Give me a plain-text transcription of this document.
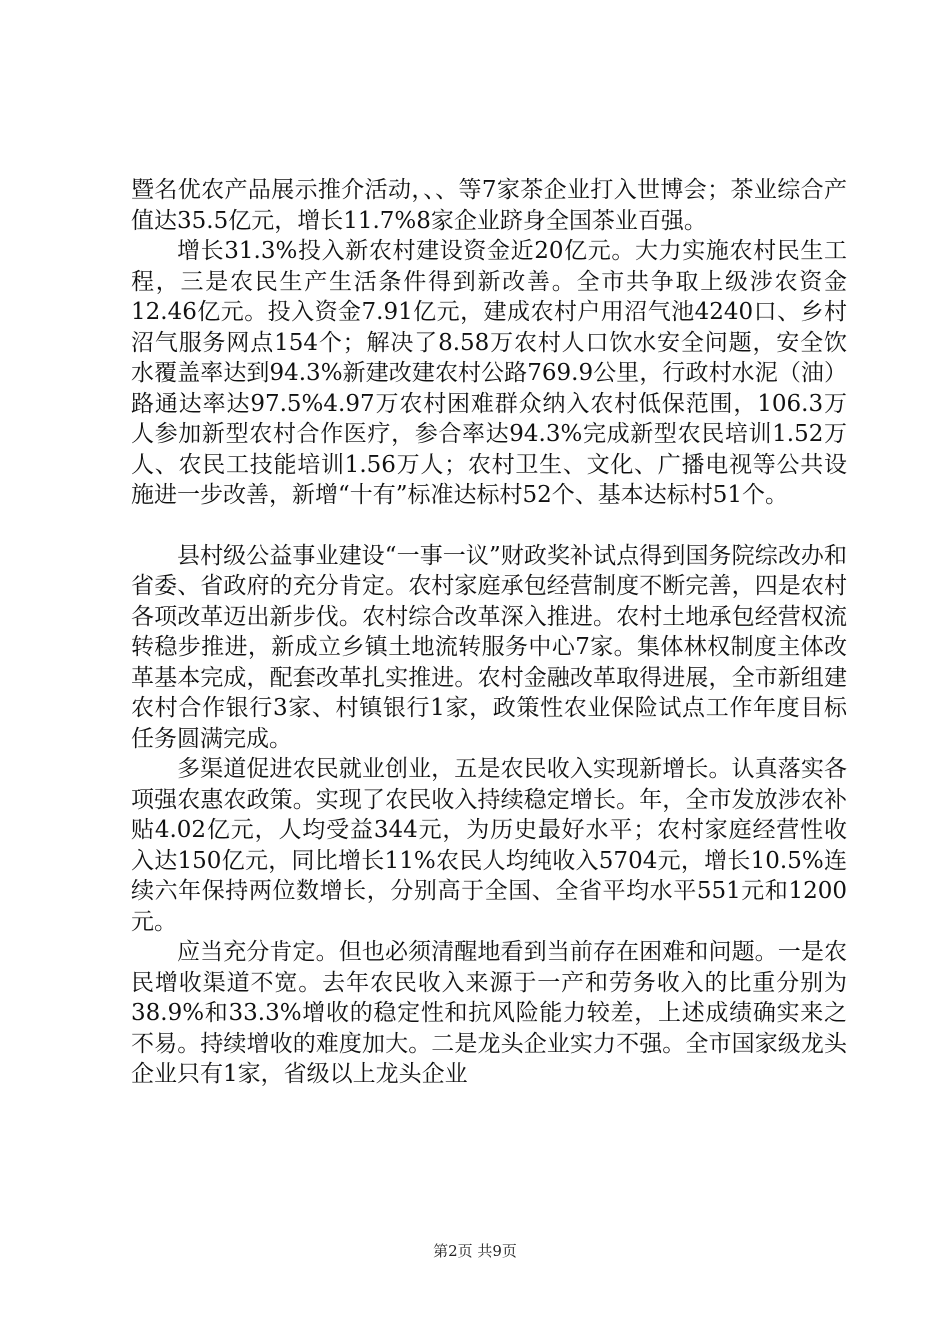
暨名优农产品展示推介活动，、、等7家茶企业打入世博会；茶业综合产值达35.5亿元，增长11.7%8家企业跻身全国茶业百强。

增长31.3%投入新农村建设资金近20亿元。大力实施农村民生工程，三是农民生产生活条件得到新改善。全市共争取上级涉农资金12.46亿元。投入资金7.91亿元，建成农村户用沼气池4240口、乡村沼气服务网点154个；解决了8.58万农村人口饮水安全问题，安全饮水覆盖率达到94.3%新建改建农村公路769.9公里，行政村水泥（油）路通达率达97.5%4.97万农村困难群众纳入农村低保范围，106.3万人参加新型农村合作医疗，参合率达94.3%完成新型农民培训1.52万人、农民工技能培训1.56万人；农村卫生、文化、广播电视等公共设施进一步改善，新增“十有”标准达标村52个、基本达标村51个。

县村级公益事业建设“一事一议”财政奖补试点得到国务院综改办和省委、省政府的充分肯定。农村家庭承包经营制度不断完善，四是农村各项改革迈出新步伐。农村综合改革深入推进。农村土地承包经营权流转稳步推进，新成立乡镇土地流转服务中心7家。集体林权制度主体改革基本完成，配套改革扎实推进。农村金融改革取得进展，全市新组建农村合作银行3家、村镇银行1家，政策性农业保险试点工作年度目标任务圆满完成。

多渠道促进农民就业创业，五是农民收入实现新增长。认真落实各项强农惠农政策。实现了农民收入持续稳定增长。年，全市发放涉农补贴4.02亿元，人均受益344元，为历史最好水平；农村家庭经营性收入达150亿元，同比增长11%农民人均纯收入5704元，增长10.5%连续六年保持两位数增长，分别高于全国、全省平均水平551元和1200元。

应当充分肯定。但也必须清醒地看到当前存在困难和问题。一是农民增收渠道不宽。去年农民收入来源于一产和劳务收入的比重分别为38.9%和33.3%增收的稳定性和抗风险能力较差，上述成绩确实来之不易。持续增收的难度加大。二是龙头企业实力不强。全市国家级龙头企业只有1家，省级以上龙头企业

第2页 共9页
